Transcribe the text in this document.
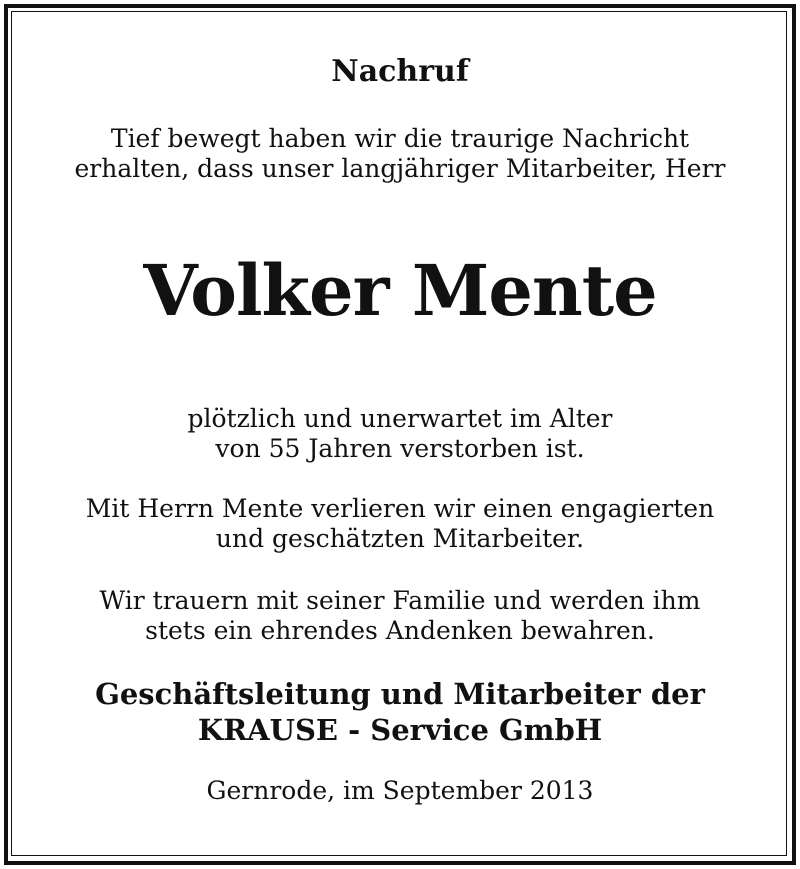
Nachruf
Tief bewegt haben wir die traurige Nachricht
erhalten, dass unser langjähriger Mitarbeiter, Herr
Volker Mente
plötzlich und unerwartet im Alter
von 55 Jahren verstorben ist.
Mit Herrn Mente verlieren wir einen engagierten
und geschätzten Mitarbeiter.
Wir trauern mit seiner Familie und werden ihm
stets ein ehrendes Andenken bewahren.
Geschäftsleitung und Mitarbeiter der
KRAUSE - Service GmbH
Gernrode, im September 2013
